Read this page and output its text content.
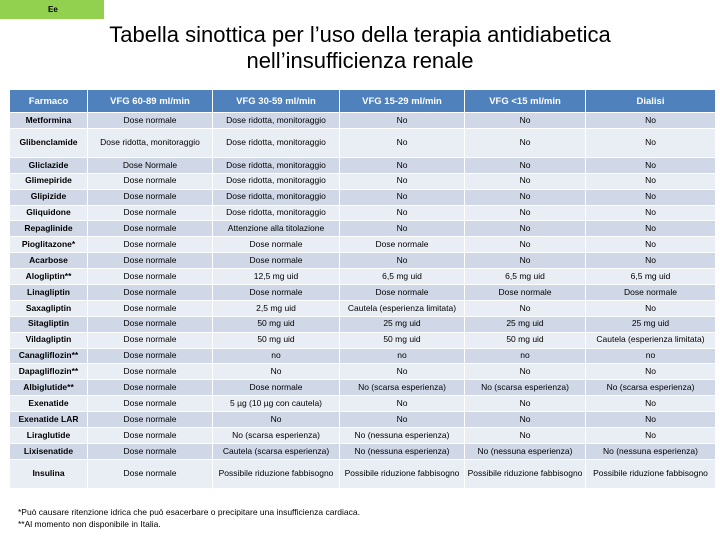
Ee
Tabella sinottica per l’uso della terapia antidiabetica
nell’insufficienza renale
Farmaco	VFG 60-89 ml/min	VFG 30-59 ml/min	VFG 15-29 ml/min	VFG <15 ml/min	Dialisi
Metformina	Dose normale	Dose ridotta, monitoraggio	No	No	No
Glibenclamide	Dose ridotta, monitoraggio	Dose ridotta, monitoraggio	No	No	No
Gliclazide	Dose Normale	Dose ridotta, monitoraggio	No	No	No
Glimepiride	Dose normale	Dose ridotta, monitoraggio	No	No	No
Glipizide	Dose normale	Dose ridotta, monitoraggio	No	No	No
Gliquidone	Dose normale	Dose ridotta, monitoraggio	No	No	No
Repaglinide	Dose normale	Attenzione alla titolazione	No	No	No
Pioglitazone*	Dose normale	Dose normale	Dose normale	No	No
Acarbose	Dose normale	Dose normale	No	No	No
Alogliptin**	Dose normale	12,5 mg uid	6,5 mg uid	6,5 mg uid	6,5 mg uid
Linagliptin	Dose normale	Dose normale	Dose normale	Dose normale	Dose normale
Saxagliptin	Dose normale	2,5 mg uid	Cautela (esperienza limitata)	No	No
Sitagliptin	Dose normale	50 mg uid	25 mg uid	25 mg uid	25 mg uid
Vildagliptin	Dose normale	50 mg uid	50 mg uid	50 mg uid	Cautela (esperienza limitata)
Canagliflozin**	Dose normale	no	no	no	no
Dapagliflozin**	Dose normale	No	No	No	No
Albiglutide**	Dose normale	Dose normale	No (scarsa esperienza)	No (scarsa esperienza)	No (scarsa esperienza)
Exenatide	Dose normale	5 µg (10 µg con cautela)	No	No	No
Exenatide LAR	Dose normale	No	No	No	No
Liraglutide	Dose normale	No (scarsa esperienza)	No (nessuna esperienza)	No	No
Lixisenatide	Dose normale	Cautela (scarsa esperienza)	No (nessuna esperienza)	No (nessuna esperienza)	No (nessuna esperienza)
Insulina	Dose normale	Possibile riduzione fabbisogno	Possibile riduzione fabbisogno	Possibile riduzione fabbisogno	Possibile riduzione fabbisogno
*Può causare ritenzione idrica che può esacerbare o precipitare una insufficienza cardiaca.
**Al momento non disponibile in Italia.
